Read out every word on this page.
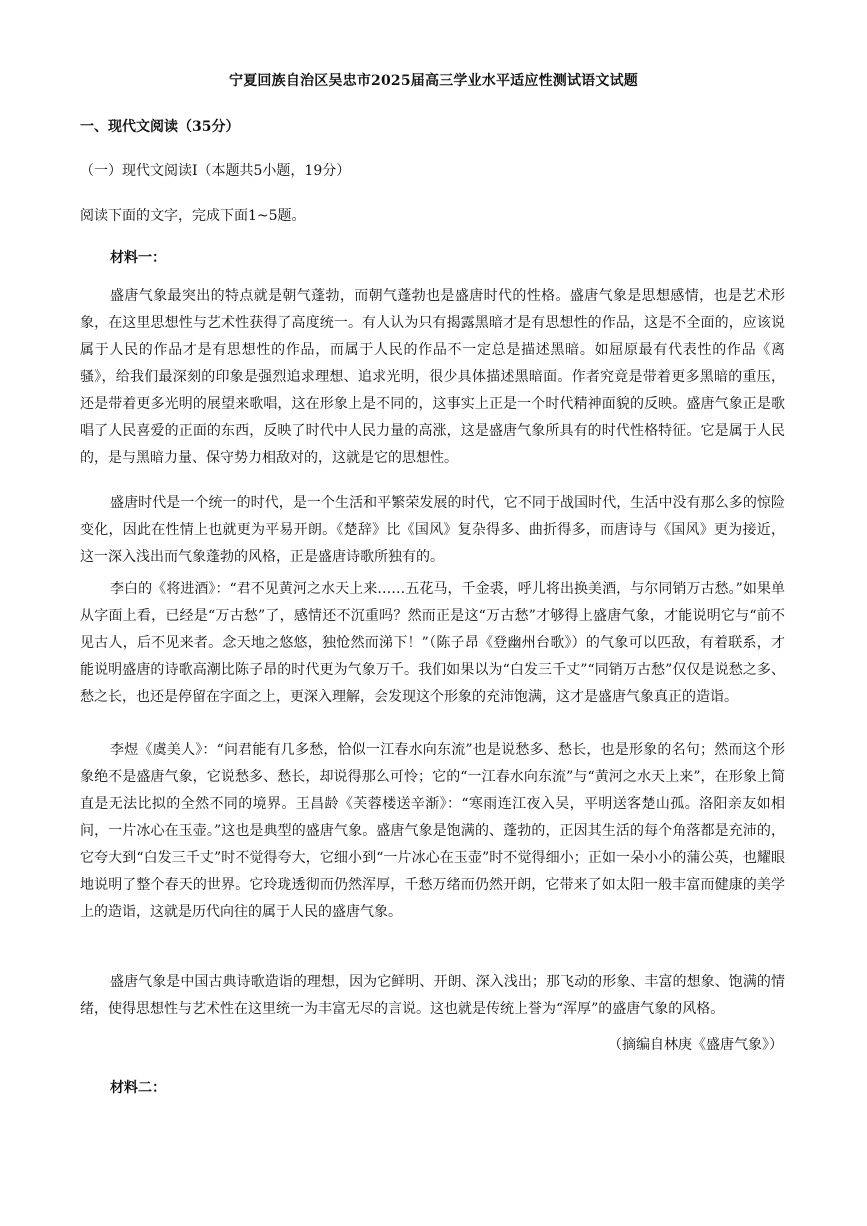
宁夏回族自治区吴忠市2025届高三学业水平适应性测试语文试题
一、现代文阅读（35分）
（一）现代文阅读Ⅰ（本题共5小题，19分）
阅读下面的文字，完成下面1~5题。
材料一：

盛唐气象最突出的特点就是朝气蓬勃，而朝气蓬勃也是盛唐时代的性格。盛唐气象是思想感情，也是艺术形象，在这里思想性与艺术性获得了高度统一。有人认为只有揭露黑暗才是有思想性的作品，这是不全面的，应该说属于人民的作品才是有思想性的作品，而属于人民的作品不一定总是描述黑暗。如屈原最有代表性的作品《离骚》，给我们最深刻的印象是强烈追求理想、追求光明，很少具体描述黑暗面。作者究竟是带着更多黑暗的重压，还是带着更多光明的展望来歌唱，这在形象上是不同的，这事实上正是一个时代精神面貌的反映。盛唐气象正是歌唱了人民喜爱的正面的东西，反映了时代中人民力量的高涨，这是盛唐气象所具有的时代性格特征。它是属于人民的，是与黑暗力量、保守势力相敌对的，这就是它的思想性。

盛唐时代是一个统一的时代，是一个生活和平繁荣发展的时代，它不同于战国时代，生活中没有那么多的惊险变化，因此在性情上也就更为平易开朗。《楚辞》比《国风》复杂得多、曲折得多，而唐诗与《国风》更为接近，这一深入浅出而气象蓬勃的风格，正是盛唐诗歌所独有的。

李白的《将进酒》：“君不见黄河之水天上来……五花马，千金裘，呼儿将出换美酒，与尔同销万古愁。”如果单从字面上看，已经是“万古愁”了，感情还不沉重吗？然而正是这“万古愁”才够得上盛唐气象，才能说明它与“前不见古人，后不见来者。念天地之悠悠，独怆然而涕下！”（陈子昂《登幽州台歌》）的气象可以匹敌，有着联系，才能说明盛唐的诗歌高潮比陈子昂的时代更为气象万千。我们如果以为“白发三千丈”“同销万古愁”仅仅是说愁之多、愁之长，也还是停留在字面之上，更深入理解，会发现这个形象的充沛饱满，这才是盛唐气象真正的造诣。

李煜《虞美人》：“问君能有几多愁，恰似一江春水向东流”也是说愁多、愁长，也是形象的名句；然而这个形象绝不是盛唐气象，它说愁多、愁长，却说得那么可怜；它的“一江春水向东流”与“黄河之水天上来”，在形象上简直是无法比拟的全然不同的境界。王昌龄《芙蓉楼送辛渐》：“寒雨连江夜入吴，平明送客楚山孤。洛阳亲友如相问，一片冰心在玉壶。”这也是典型的盛唐气象。盛唐气象是饱满的、蓬勃的，正因其生活的每个角落都是充沛的，它夸大到“白发三千丈”时不觉得夸大，它细小到“一片冰心在玉壶”时不觉得细小；正如一朵小小的蒲公英，也耀眼地说明了整个春天的世界。它玲珑透彻而仍然浑厚，千愁万绪而仍然开朗，它带来了如太阳一般丰富而健康的美学上的造诣，这就是历代向往的属于人民的盛唐气象。

盛唐气象是中国古典诗歌造诣的理想，因为它鲜明、开朗、深入浅出；那飞动的形象、丰富的想象、饱满的情绪，使得思想性与艺术性在这里统一为丰富无尽的言说。这也就是传统上誉为“浑厚”的盛唐气象的风格。

（摘编自林庚《盛唐气象》）
材料二：
